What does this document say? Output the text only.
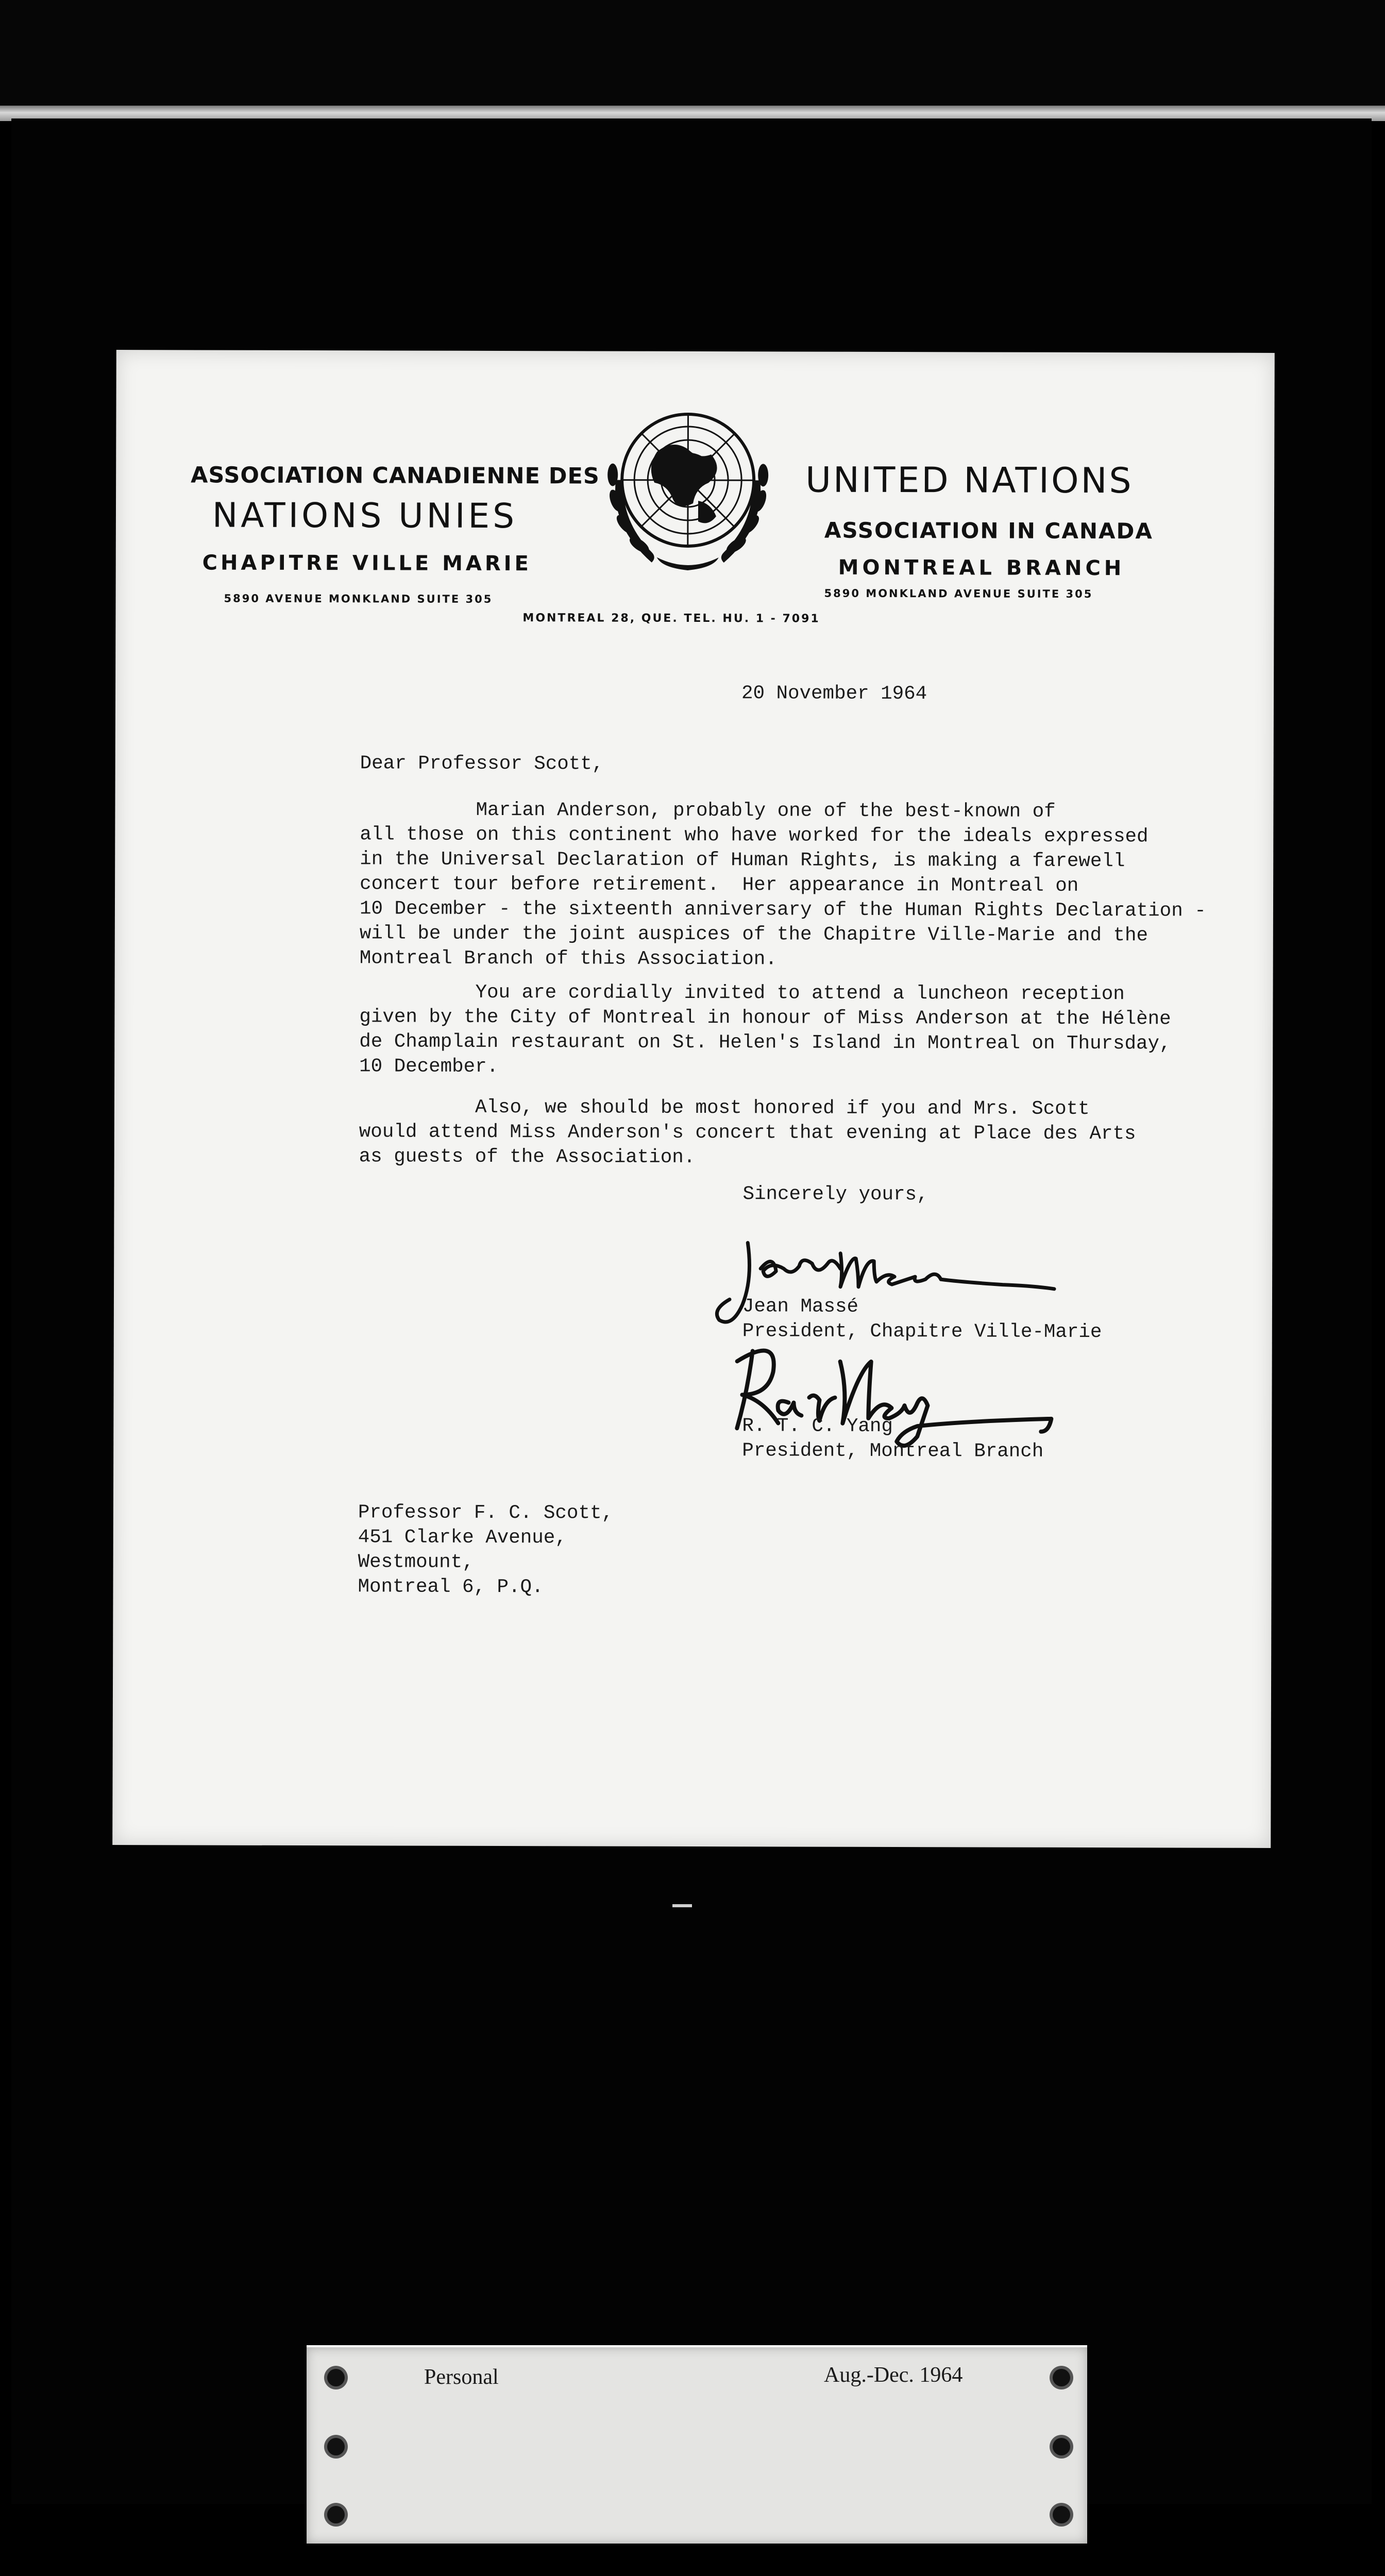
ASSOCIATION CANADIENNE DES
NATIONS UNIES
CHAPITRE VILLE MARIE
5890 AVENUE MONKLAND SUITE 305
UNITED NATIONS
ASSOCIATION IN CANADA
MONTREAL BRANCH
5890 MONKLAND AVENUE SUITE 305
MONTREAL 28, QUE. TEL. HU. 1 - 7091
20 November 1964
Dear Professor Scott,
Marian Anderson, probably one of the best-known of
all those on this continent who have worked for the ideals expressed
in the Universal Declaration of Human Rights, is making a farewell
concert tour before retirement.  Her appearance in Montreal on
10 December - the sixteenth anniversary of the Human Rights Declaration -
will be under the joint auspices of the Chapitre Ville-Marie and the
Montreal Branch of this Association.
You are cordially invited to attend a luncheon reception
given by the City of Montreal in honour of Miss Anderson at the Hélène
de Champlain restaurant on St. Helen's Island in Montreal on Thursday,
10 December.
Also, we should be most honored if you and Mrs. Scott
would attend Miss Anderson's concert that evening at Place des Arts
as guests of the Association.
Sincerely yours,
Jean Massé
President, Chapitre Ville-Marie
R. T. C. Yang
President, Montreal Branch
Professor F. C. Scott,
451 Clarke Avenue,
Westmount,
Montreal 6, P.Q.
Personal	Aug.-Dec. 1964
